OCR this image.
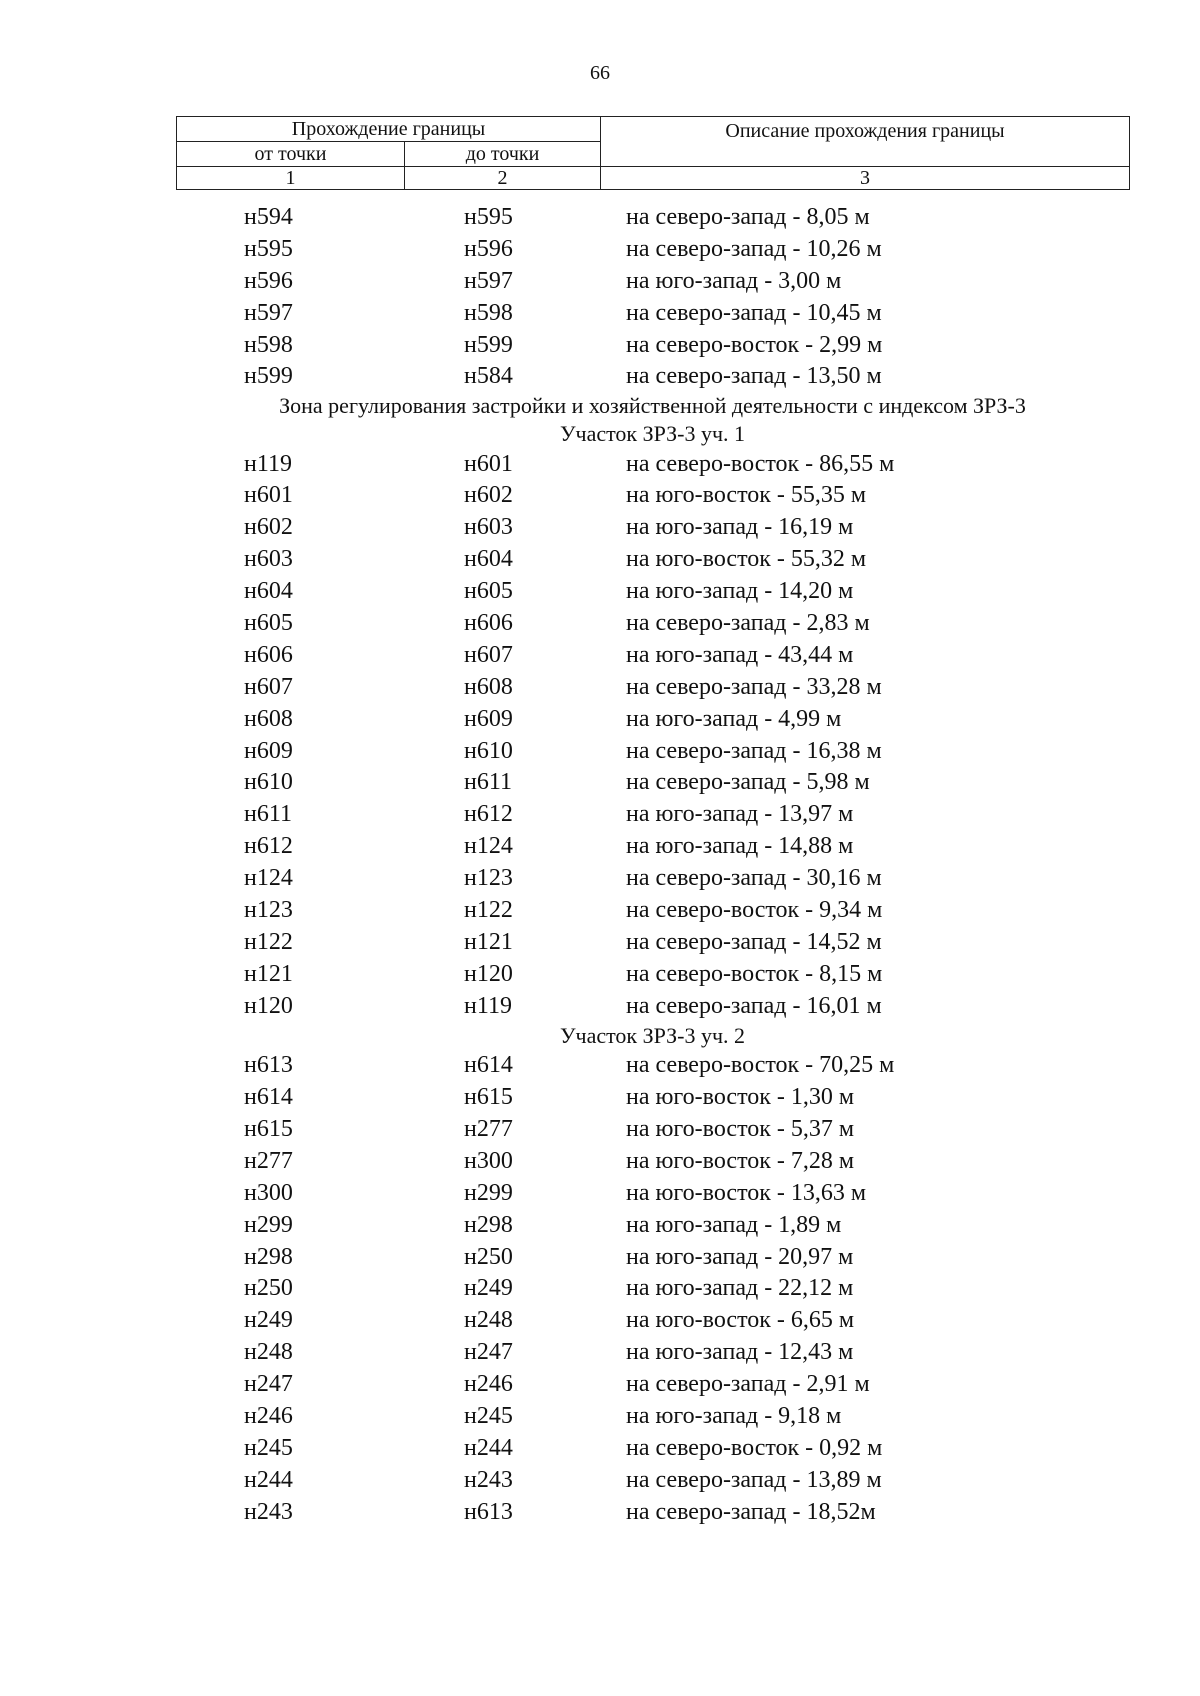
66
Прохождение границы		Описание прохождения границы
от точки	до точки	
1	2	3
н594	н595	на северо-запад - 8,05 м
н595	н596	на северо-запад - 10,26 м
н596	н597	на юго-запад - 3,00 м
н597	н598	на северо-запад - 10,45 м
н598	н599	на северо-восток - 2,99 м
н599	н584	на северо-запад - 13,50 м
Зона регулирования застройки и хозяйственной деятельности с индексом ЗРЗ-3
Участок ЗРЗ-3 уч. 1
н119	н601	на северо-восток - 86,55 м
н601	н602	на юго-восток - 55,35 м
н602	н603	на юго-запад - 16,19 м
н603	н604	на юго-восток - 55,32 м
н604	н605	на юго-запад - 14,20 м
н605	н606	на северо-запад - 2,83 м
н606	н607	на юго-запад - 43,44 м
н607	н608	на северо-запад - 33,28 м
н608	н609	на юго-запад - 4,99 м
н609	н610	на северо-запад - 16,38 м
н610	н611	на северо-запад - 5,98 м
н611	н612	на юго-запад - 13,97 м
н612	н124	на юго-запад - 14,88 м
н124	н123	на северо-запад - 30,16 м
н123	н122	на северо-восток - 9,34 м
н122	н121	на северо-запад - 14,52 м
н121	н120	на северо-восток - 8,15 м
н120	н119	на северо-запад - 16,01 м
Участок ЗРЗ-3 уч. 2
н613	н614	на северо-восток - 70,25 м
н614	н615	на юго-восток - 1,30 м
н615	н277	на юго-восток - 5,37 м
н277	н300	на юго-восток - 7,28 м
н300	н299	на юго-восток - 13,63 м
н299	н298	на юго-запад - 1,89 м
н298	н250	на юго-запад - 20,97 м
н250	н249	на юго-запад - 22,12 м
н249	н248	на юго-восток - 6,65 м
н248	н247	на юго-запад - 12,43 м
н247	н246	на северо-запад - 2,91 м
н246	н245	на юго-запад - 9,18 м
н245	н244	на северо-восток - 0,92 м
н244	н243	на северо-запад - 13,89 м
н243	н613	на северо-запад - 18,52м
